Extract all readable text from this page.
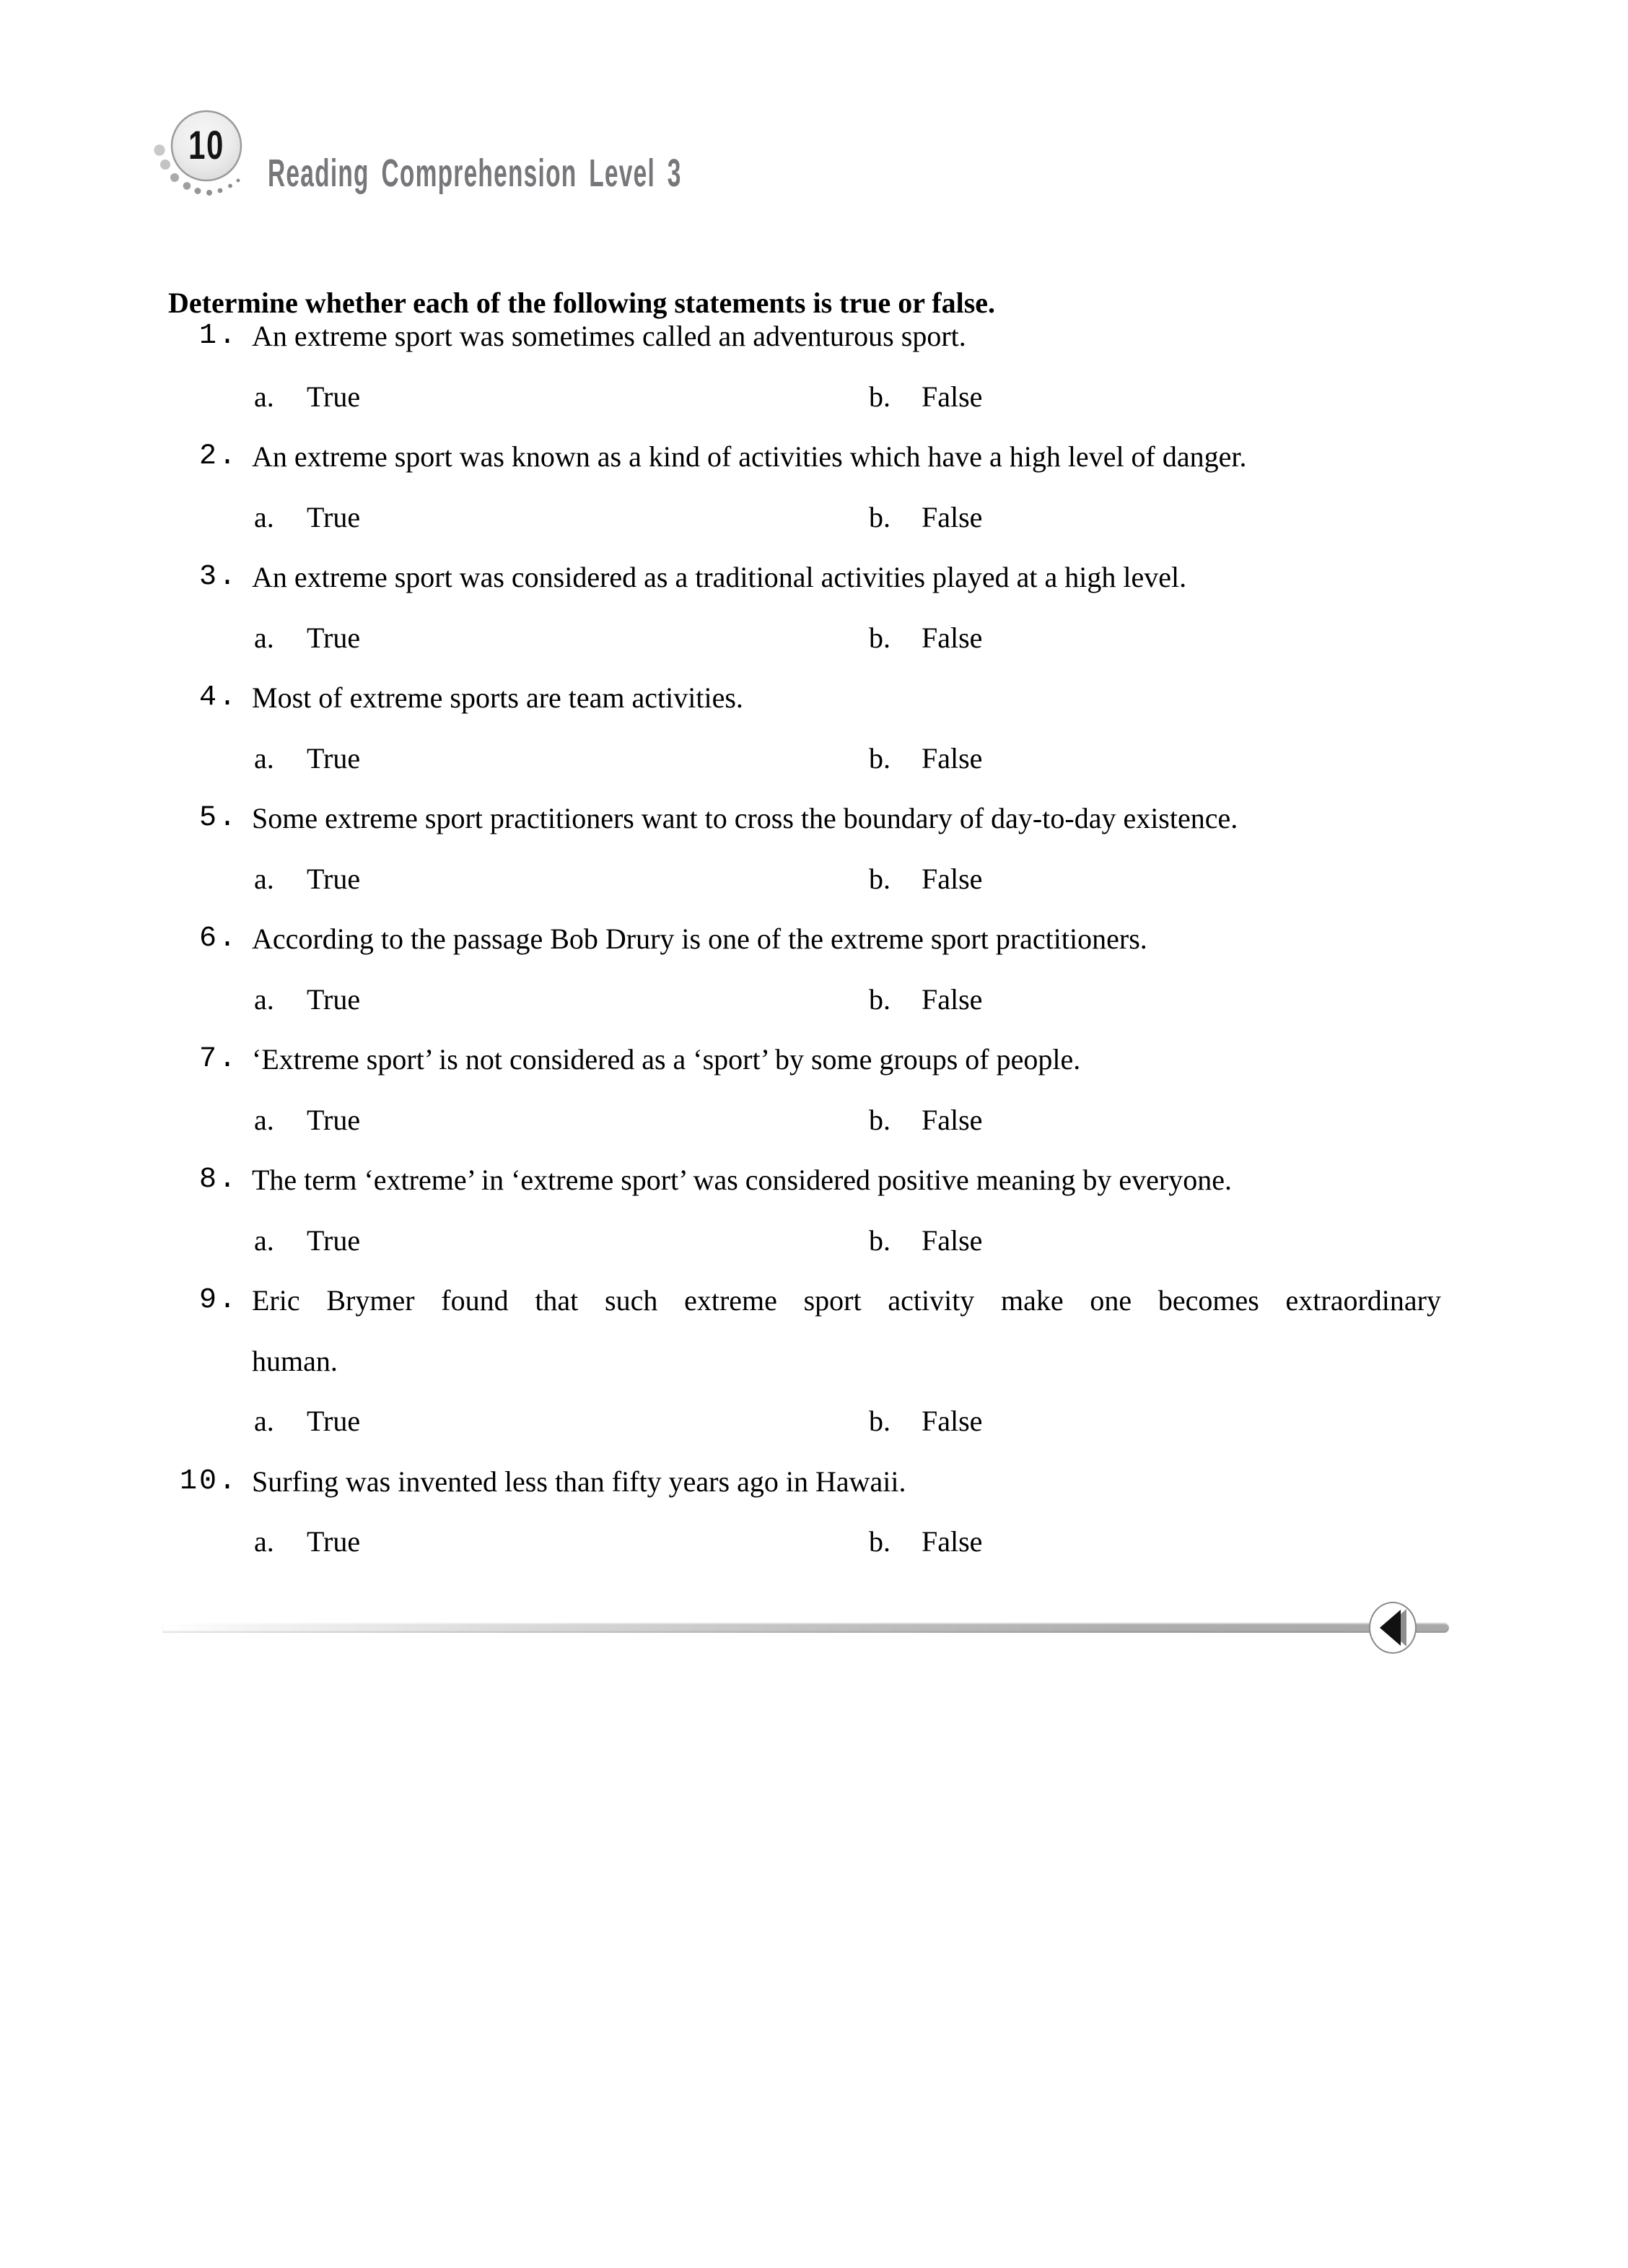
10
Reading Comprehension Level 3

Determine whether each of the following statements is true or false.

1. An extreme sport was sometimes called an adventurous sport.
a. True	b. False
2. An extreme sport was known as a kind of activities which have a high level of danger.
a. True	b. False
3. An extreme sport was considered as a traditional activities played at a high level.
a. True	b. False
4. Most of extreme sports are team activities.
a. True	b. False
5. Some extreme sport practitioners want to cross the boundary of day-to-day existence.
a. True	b. False
6. According to the passage Bob Drury is one of the extreme sport practitioners.
a. True	b. False
7. ‘Extreme sport’ is not considered as a ‘sport’ by some groups of people.
a. True	b. False
8. The term ‘extreme’ in ‘extreme sport’ was considered positive meaning by everyone.
a. True	b. False
9. Eric Brymer found that such extreme sport activity make one becomes extraordinary
human.
a. True	b. False
10. Surfing was invented less than fifty years ago in Hawaii.
a. True	b. False
